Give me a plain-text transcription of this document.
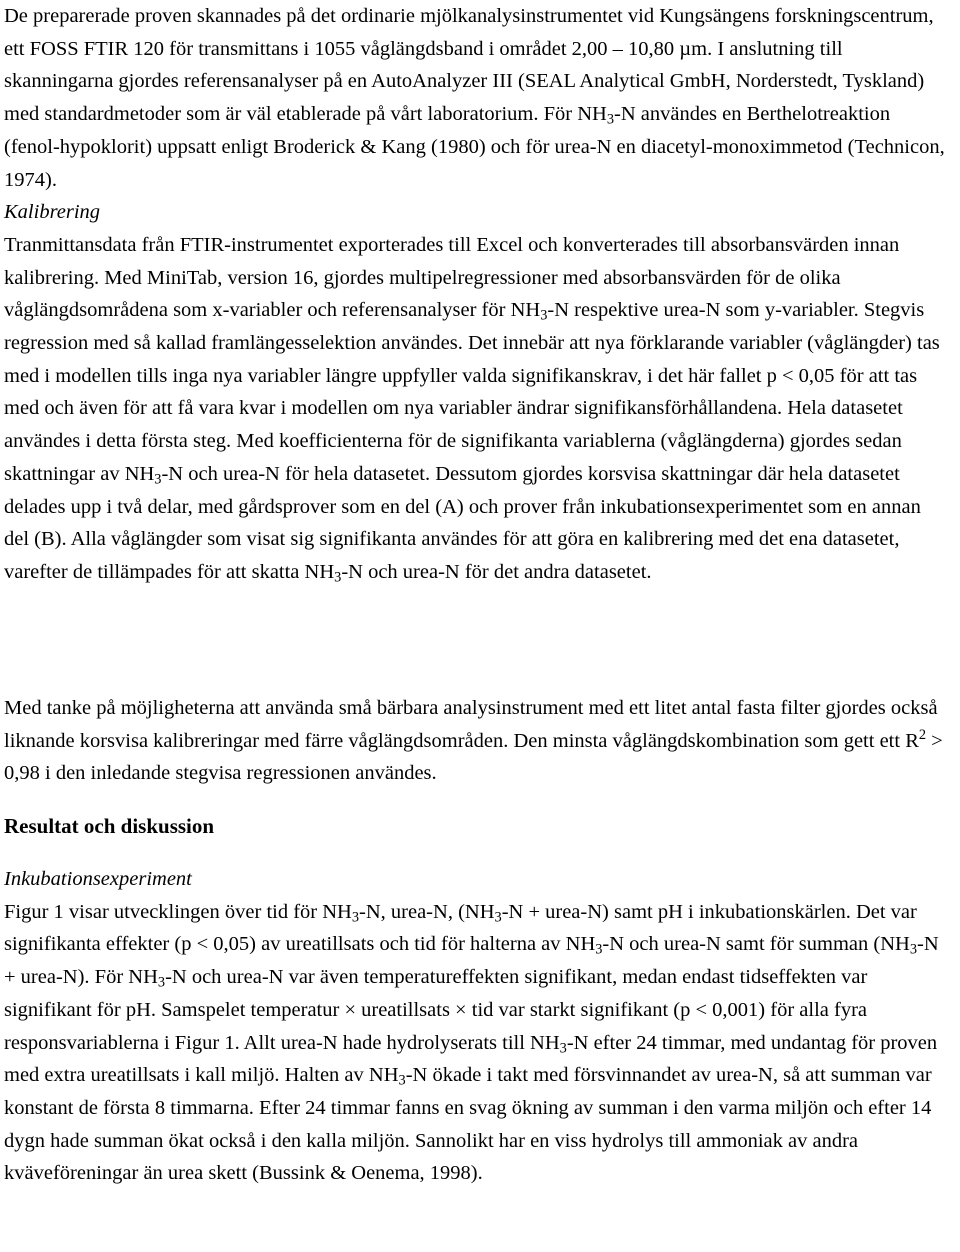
De preparerade proven skannades på det ordinarie mjölkanalysinstrumentet vid Kungsängens forskningscentrum, ett FOSS FTIR 120 för transmittans i 1055 våglängdsband i området 2,00 – 10,80 µm. I anslutning till skanningarna gjordes referensanalyser på en AutoAnalyzer III (SEAL Analytical GmbH, Norderstedt, Tyskland) med standardmetoder som är väl etablerade på vårt laboratorium. För $NH_3-N$ användes en Berthelotreaktion (fenol-hypoklorit) uppsatt enligt Broderick & Kang (1980) och för urea-N en diacetyl-monoximmetod (Technicon, 1974).

Kalibrering

Tranmittansdata från FTIR-instrumentet exporterades till Excel och konverterades till absorbansvärden innan kalibrering. Med MiniTab, version 16, gjordes multipelregressioner med absorbansvärden för de olika våglängdsområdena som x-variabler och referensanalyser för $NH_3-N$ respektive urea-N som y-variabler. Stegvis regression med så kallad framlängesselektion användes. Det innebär att nya förklarande variabler (våglängder) tas med i modellen tills inga nya variabler längre uppfyller valda signifikanskrav, i det här fallet p < 0,05 för att tas med och även för att få vara kvar i modellen om nya variabler ändrar signifikansförhållandena. Hela datasetet användes i detta första steg. Med koefficienterna för de signifikanta variablerna (våglängderna) gjordes sedan skattningar av $NH_3-N$ och urea-N för hela datasetet. Dessutom gjordes korsvisa skattningar där hela datasetet delades upp i två delar, med gårdsprover som en del (A) och prover från inkubationsexperimentet som en annan del (B). Alla våglängder som visat sig signifikanta användes för att göra en kalibrering med det ena datasetet, varefter de tillämpades för att skatta $NH_3-N$ och urea-N för det andra datasetet.

Med tanke på möjligheterna att använda små bärbara analysinstrument med ett litet antal fasta filter gjordes också liknande korsvisa kalibreringar med färre våglängdsområden. Den minsta våglängdskombination som gett ett $R^2 > 0,98$ i den inledande stegvisa regressionen användes.

Resultat och diskussion

Inkubationsexperiment

Figur 1 visar utvecklingen över tid för $NH_3-N$, urea-N, ($NH_3-N$ + urea-N) samt pH i inkubationskärlen. Det var signifikanta effekter (p < 0,05) av ureatillsats och tid för halterna av $NH_3-N$ och urea-N samt för summan ($NH_3-N$ + urea-N). För $NH_3-N$ och urea-N var även temperatureffekten signifikant, medan endast tidseffekten var signifikant för pH. Samspelet temperatur × ureatillsats × tid var starkt signifikant (p < 0,001) för alla fyra responsvariablerna i Figur 1. Allt urea-N hade hydrolyserats till $NH_3-N$ efter 24 timmar, med undantag för proven med extra ureatillsats i kall miljö. Halten av $NH_3-N$ ökade i takt med försvinnandet av urea-N, så att summan var konstant de första 8 timmarna. Efter 24 timmar fanns en svag ökning av summan i den varma miljön och efter 14 dygn hade summan ökat också i den kalla miljön. Sannolikt har en viss hydrolys till ammoniak av andra kväveföreningar än urea skett (Bussink & Oenema, 1998).
